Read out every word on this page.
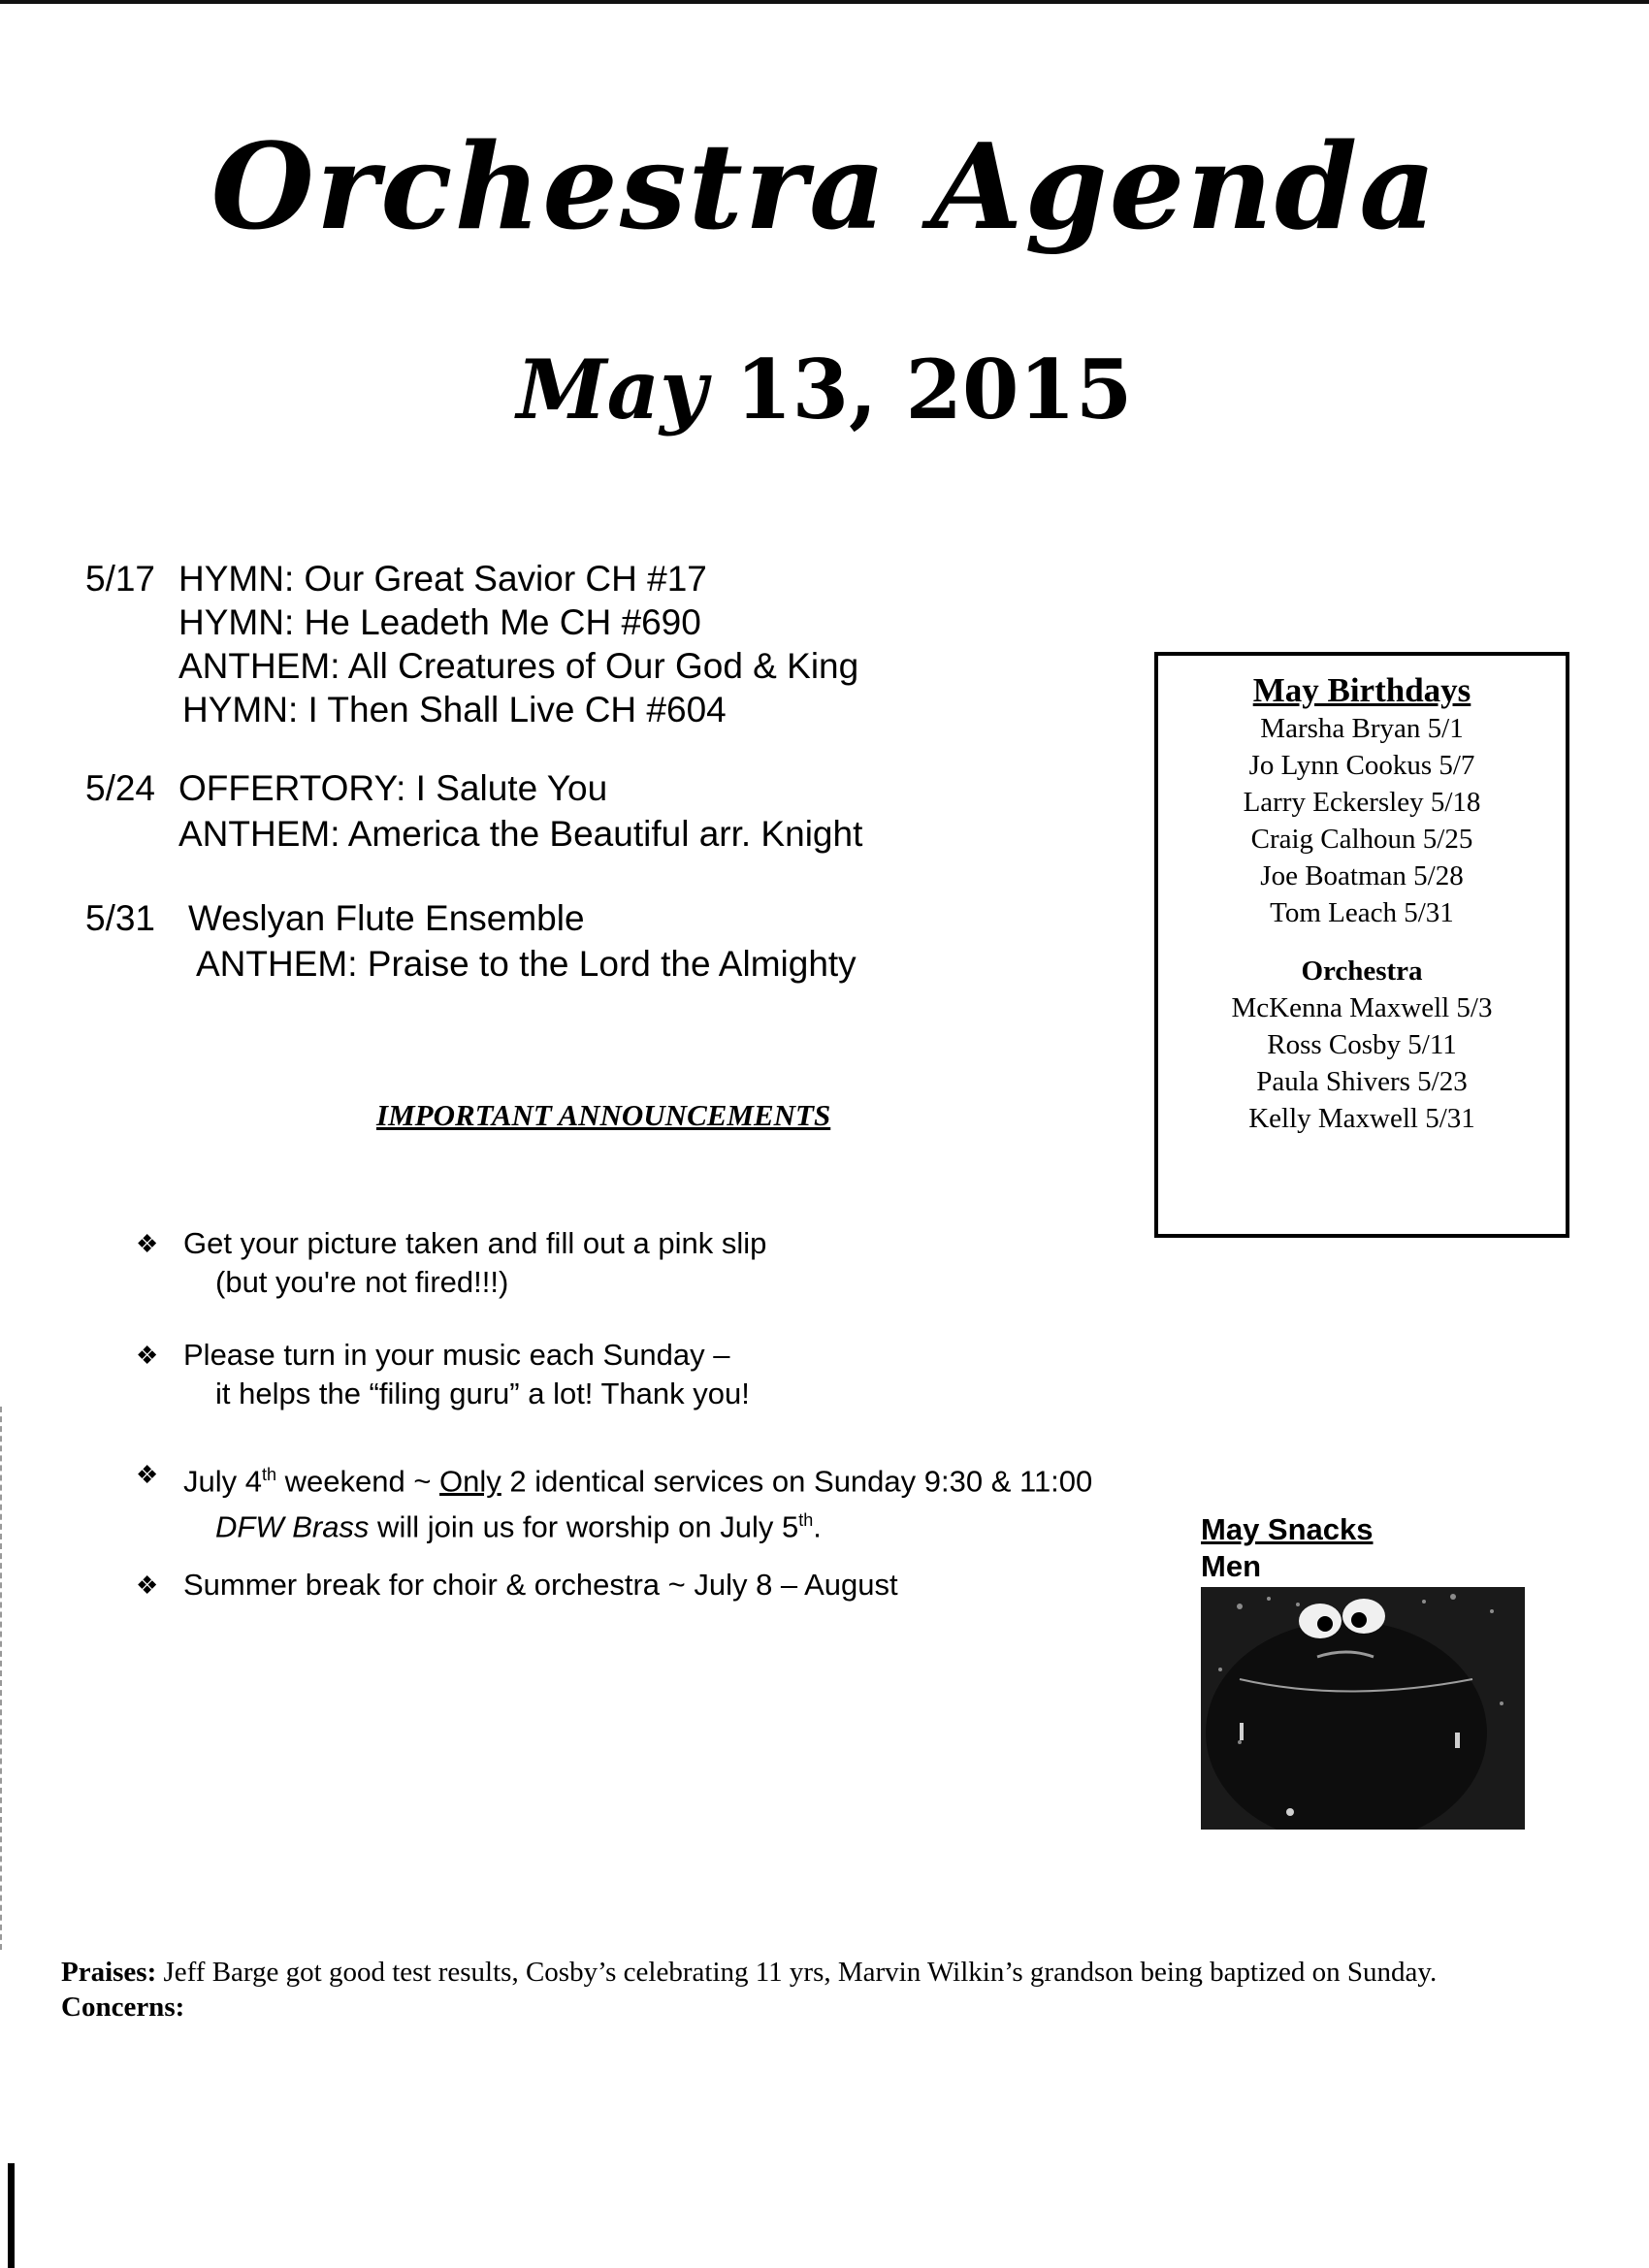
Orchestra Agenda
May 13, 2015
5/17 HYMN: Our Great Savior CH #17
HYMN: He Leadeth Me CH #690
ANTHEM: All Creatures of Our God & King
HYMN: I Then Shall Live CH #604
5/24 OFFERTORY: I Salute You
ANTHEM: America the Beautiful arr. Knight
5/31 Weslyan Flute Ensemble
ANTHEM: Praise to the Lord the Almighty
IMPORTANT ANNOUNCEMENTS
❖ Get your picture taken and fill out a pink slip
(but you're not fired!!!)
❖ Please turn in your music each Sunday –
it helps the “filing guru” a lot! Thank you!
❖ July 4th weekend ~ Only 2 identical services on Sunday 9:30 & 11:00
DFW Brass will join us for worship on July 5th.
❖ Summer break for choir & orchestra ~ July 8 – August
May Birthdays
Marsha Bryan 5/1
Jo Lynn Cookus 5/7
Larry Eckersley 5/18
Craig Calhoun 5/25
Joe Boatman 5/28
Tom Leach 5/31
Orchestra
McKenna Maxwell 5/3
Ross Cosby 5/11
Paula Shivers 5/23
Kelly Maxwell 5/31
May Snacks
Men
Praises: Jeff Barge got good test results, Cosby’s celebrating 11 yrs, Marvin Wilkin’s grandson being baptized on Sunday.
Concerns:
